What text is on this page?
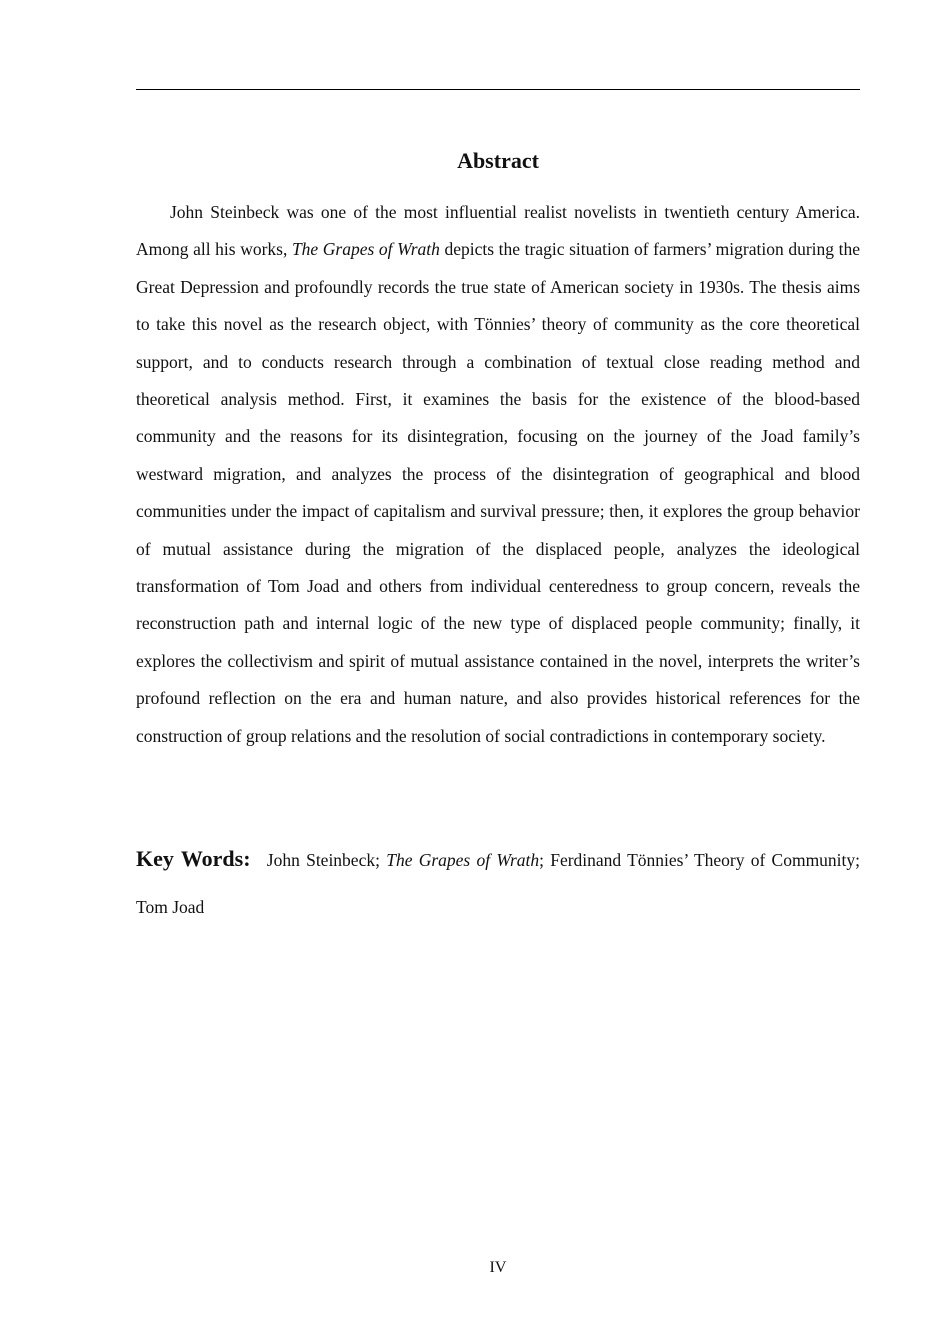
Abstract

John Steinbeck was one of the most influential realist novelists in twentieth century America. Among all his works, The Grapes of Wrath depicts the tragic situation of farmers’ migration during the Great Depression and profoundly records the true state of American society in 1930s. The thesis aims to take this novel as the research object, with Tönnies’ theory of community as the core theoretical support, and to conducts research through a combination of textual close reading method and theoretical analysis method. First, it examines the basis for the existence of the blood-based community and the reasons for its disintegration, focusing on the journey of the Joad family’s westward migration, and analyzes the process of the disintegration of geographical and blood communities under the impact of capitalism and survival pressure; then, it explores the group behavior of mutual assistance during the migration of the displaced people, analyzes the ideological transformation of Tom Joad and others from individual centeredness to group concern, reveals the reconstruction path and internal logic of the new type of displaced people community; finally, it explores the collectivism and spirit of mutual assistance contained in the novel, interprets the writer’s profound reflection on the era and human nature, and also provides historical references for the construction of group relations and the resolution of social contradictions in contemporary society.

Key Words: John Steinbeck; The Grapes of Wrath; Ferdinand Tönnies’ Theory of Community; Tom Joad

IV
